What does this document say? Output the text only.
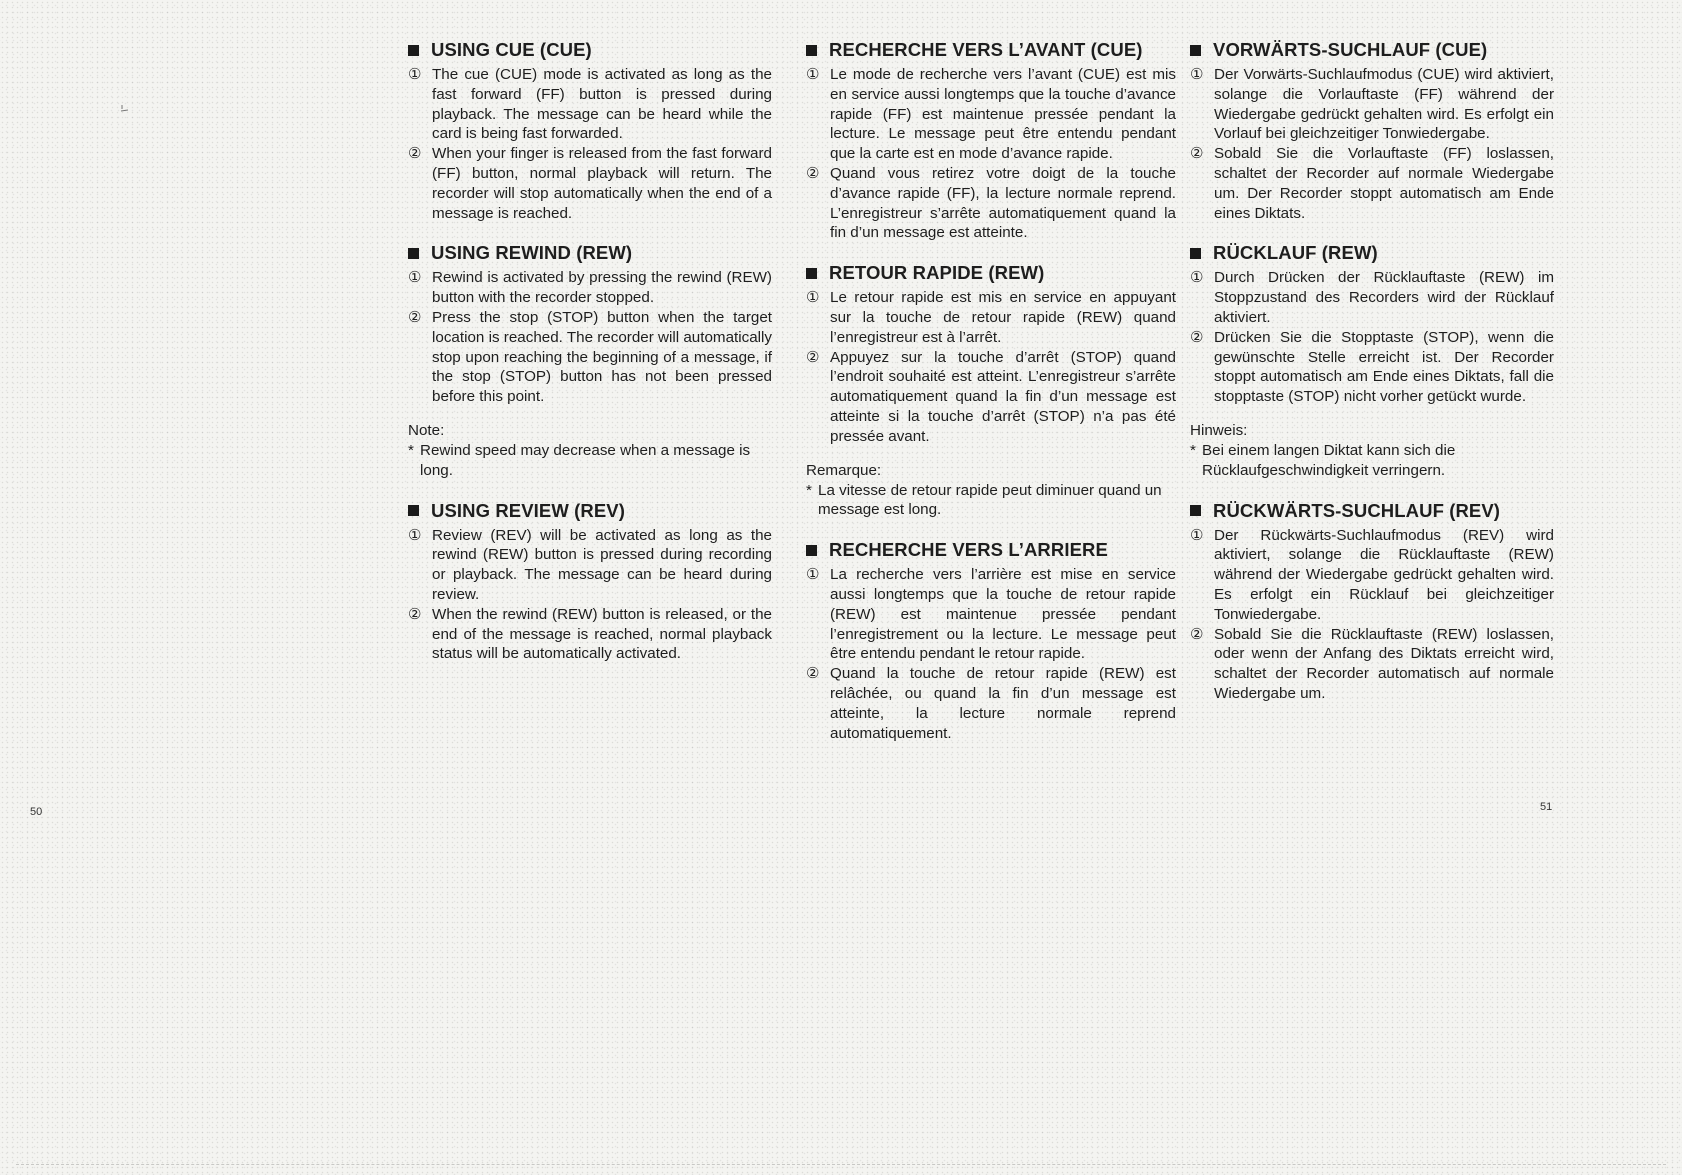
USING CUE (CUE)
① The cue (CUE) mode is activated as long as the fast forward (FF) button is pressed during playback. The message can be heard while the card is being fast forwarded.
② When your finger is released from the fast forward (FF) button, normal playback will return. The recorder will stop automatically when the end of a message is reached.
USING REWIND (REW)
① Rewind is activated by pressing the rewind (REW) button with the recorder stopped.
② Press the stop (STOP) button when the target location is reached. The recorder will automatically stop upon reaching the beginning of a message, if the stop (STOP) button has not been pressed before this point.
Note:
* Rewind speed may decrease when a message is long.
USING REVIEW (REV)
① Review (REV) will be activated as long as the rewind (REW) button is pressed during recording or playback. The message can be heard during review.
② When the rewind (REW) button is released, or the end of the message is reached, normal playback status will be automatically activated.
RECHERCHE VERS L’AVANT (CUE)
① Le mode de recherche vers l’avant (CUE) est mis en service aussi longtemps que la touche d’avance rapide (FF) est maintenue pressée pendant la lecture. Le message peut être entendu pendant que la carte est en mode d’avance rapide.
② Quand vous retirez votre doigt de la touche d’avance rapide (FF), la lecture normale reprend. L’enregistreur s’arrête automatiquement quand la fin d’un message est atteinte.
RETOUR RAPIDE (REW)
① Le retour rapide est mis en service en appuyant sur la touche de retour rapide (REW) quand l’enregistreur est à l’arrêt.
② Appuyez sur la touche d’arrêt (STOP) quand l’endroit souhaité est atteint. L’enregistreur s’arrête automatiquement quand la fin d’un message est atteinte si la touche d’arrêt (STOP) n’a pas été pressée avant.
Remarque:
* La vitesse de retour rapide peut diminuer quand un message est long.
RECHERCHE VERS L’ARRIERE
① La recherche vers l’arrière est mise en service aussi longtemps que la touche de retour rapide (REW) est maintenue pressée pendant l’enregistrement ou la lecture. Le message peut être entendu pendant le retour rapide.
② Quand la touche de retour rapide (REW) est relâchée, ou quand la fin d’un message est atteinte, la lecture normale reprend automatiquement.
VORWÄRTS-SUCHLAUF (CUE)
① Der Vorwärts-Suchlaufmodus (CUE) wird aktiviert, solange die Vorlauftaste (FF) während der Wiedergabe gedrückt gehalten wird. Es erfolgt ein Vorlauf bei gleichzeitiger Tonwiedergabe.
② Sobald Sie die Vorlauftaste (FF) loslassen, schaltet der Recorder auf normale Wiedergabe um. Der Recorder stoppt automatisch am Ende eines Diktats.
RÜCKLAUF (REW)
① Durch Drücken der Rücklauftaste (REW) im Stoppzustand des Recorders wird der Rücklauf aktiviert.
② Drücken Sie die Stopptaste (STOP), wenn die gewünschte Stelle erreicht ist. Der Recorder stoppt automatisch am Ende eines Diktats, fall die stopptaste (STOP) nicht vorher getückt wurde.
Hinweis:
* Bei einem langen Diktat kann sich die Rücklaufgeschwindigkeit verringern.
RÜCKWÄRTS-SUCHLAUF (REV)
① Der Rückwärts-Suchlaufmodus (REV) wird aktiviert, solange die Rücklauftaste (REW) während der Wiedergabe gedrückt gehalten wird. Es erfolgt ein Rücklauf bei gleichzeitiger Tonwiedergabe.
② Sobald Sie die Rücklauftaste (REW) loslassen, oder wenn der Anfang des Diktats erreicht wird, schaltet der Recorder automatisch auf normale Wiedergabe um.
50	51
